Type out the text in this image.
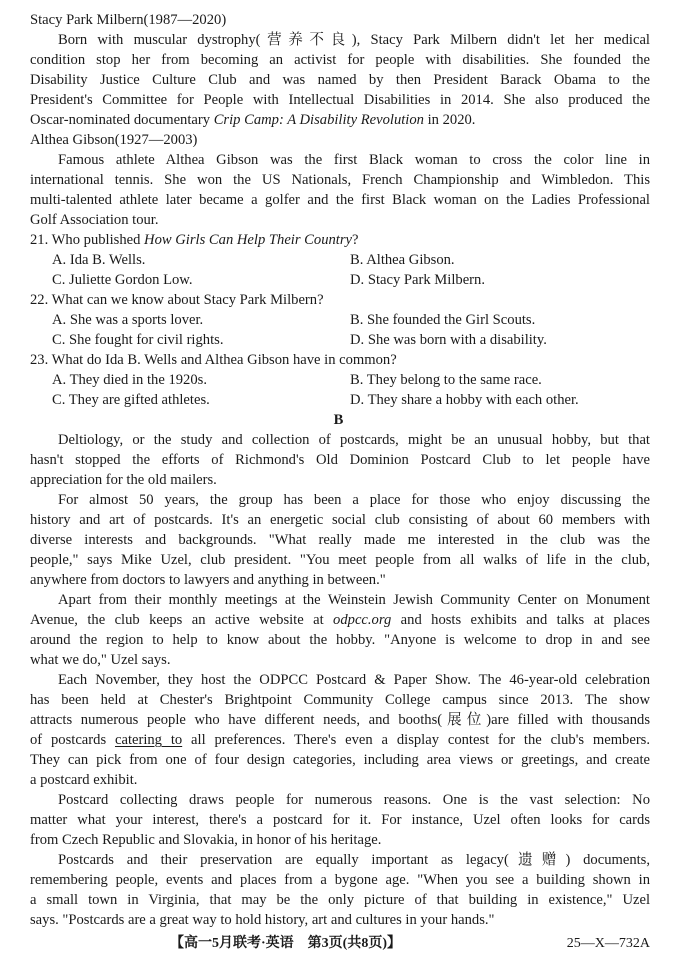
Stacy Park Milbern(1987—2020)
Born with muscular dystrophy(营养不良), Stacy Park Milbern didn't let her medical
condition stop her from becoming an activist for people with disabilities. She founded the
Disability Justice Culture Club and was named by then President Barack Obama to the
President's Committee for People with Intellectual Disabilities in 2014. She also produced the
Oscar-nominated documentary Crip Camp: A Disability Revolution in 2020.
Althea Gibson(1927—2003)
Famous athlete Althea Gibson was the first Black woman to cross the color line in
international tennis. She won the US Nationals, French Championship and Wimbledon. This
multi-talented athlete later became a golfer and the first Black woman on the Ladies Professional
Golf Association tour.
21. Who published How Girls Can Help Their Country?
A. Ida B. Wells.	B. Althea Gibson.
C. Juliette Gordon Low.	D. Stacy Park Milbern.
22. What can we know about Stacy Park Milbern?
A. She was a sports lover.	B. She founded the Girl Scouts.
C. She fought for civil rights.	D. She was born with a disability.
23. What do Ida B. Wells and Althea Gibson have in common?
A. They died in the 1920s.	B. They belong to the same race.
C. They are gifted athletes.	D. They share a hobby with each other.
B
Deltiology, or the study and collection of postcards, might be an unusual hobby, but that
hasn't stopped the efforts of Richmond's Old Dominion Postcard Club to let people have
appreciation for the old mailers.
For almost 50 years, the group has been a place for those who enjoy discussing the
history and art of postcards. It's an energetic social club consisting of about 60 members with
diverse interests and backgrounds. "What really made me interested in the club was the
people," says Mike Uzel, club president. "You meet people from all walks of life in the club,
anywhere from doctors to lawyers and anything in between."
Apart from their monthly meetings at the Weinstein Jewish Community Center on Monument
Avenue, the club keeps an active website at odpcc.org and hosts exhibits and talks at places
around the region to help to know about the hobby. "Anyone is welcome to drop in and see
what we do," Uzel says.
Each November, they host the ODPCC Postcard & Paper Show. The 46-year-old celebration
has been held at Chester's Brightpoint Community College campus since 2013. The show
attracts numerous people who have different needs, and booths(展位)are filled with thousands
of postcards catering to all preferences. There's even a display contest for the club's members.
They can pick from one of four design categories, including area views or greetings, and create
a postcard exhibit.
Postcard collecting draws people for numerous reasons. One is the vast selection: No
matter what your interest, there's a postcard for it. For instance, Uzel often looks for cards
from Czech Republic and Slovakia, in honor of his heritage.
Postcards and their preservation are equally important as legacy(遗赠) documents,
remembering people, events and places from a bygone age. "When you see a building shown in
a small town in Virginia, that may be the only picture of that building in existence," Uzel
says. "Postcards are a great way to hold history, art and cultures in your hands."
【高一5月联考·英语　第3页(共8页)】	25—X—732A
